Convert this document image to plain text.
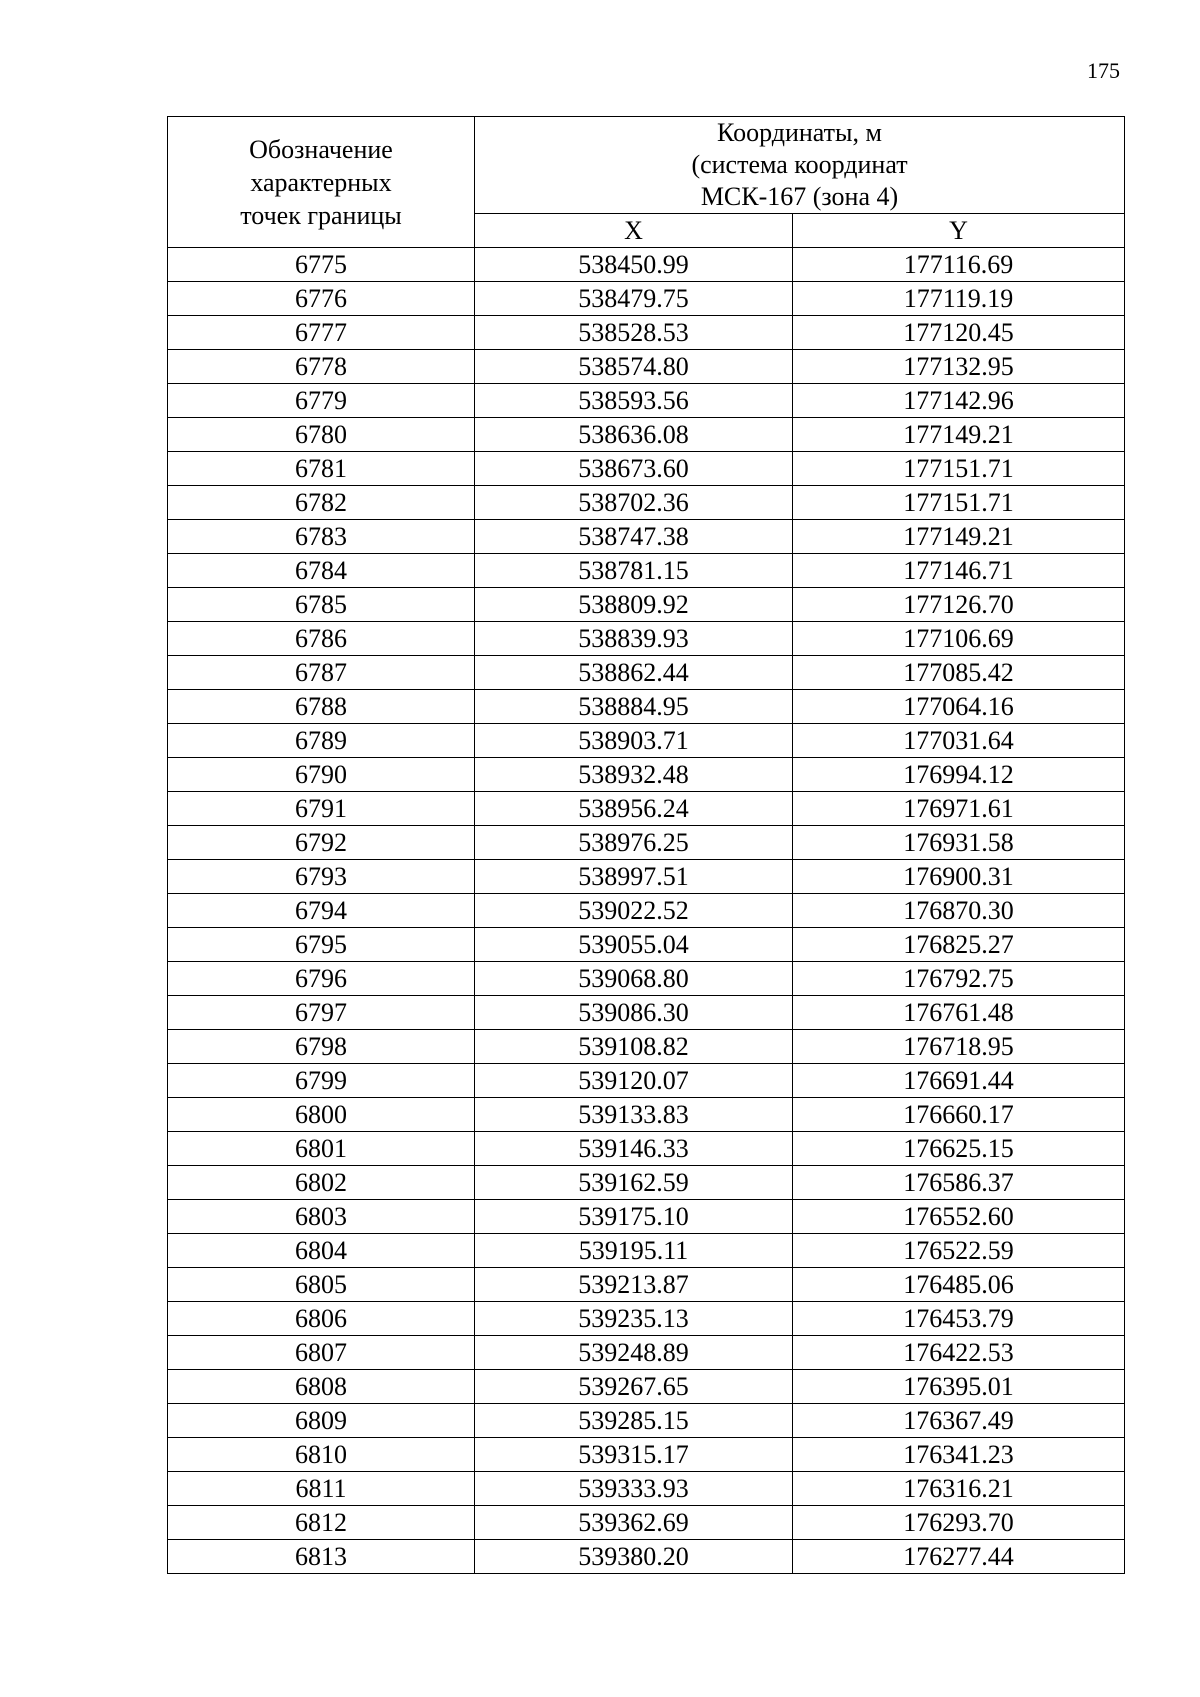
175
Обозначение
характерных
точек границы	Координаты, м
(система координат
МСК-167 (зона 4)	

	X	Y
6775	538450.99	177116.69
6776	538479.75	177119.19
6777	538528.53	177120.45
6778	538574.80	177132.95
6779	538593.56	177142.96
6780	538636.08	177149.21
6781	538673.60	177151.71
6782	538702.36	177151.71
6783	538747.38	177149.21
6784	538781.15	177146.71
6785	538809.92	177126.70
6786	538839.93	177106.69
6787	538862.44	177085.42
6788	538884.95	177064.16
6789	538903.71	177031.64
6790	538932.48	176994.12
6791	538956.24	176971.61
6792	538976.25	176931.58
6793	538997.51	176900.31
6794	539022.52	176870.30
6795	539055.04	176825.27
6796	539068.80	176792.75
6797	539086.30	176761.48
6798	539108.82	176718.95
6799	539120.07	176691.44
6800	539133.83	176660.17
6801	539146.33	176625.15
6802	539162.59	176586.37
6803	539175.10	176552.60
6804	539195.11	176522.59
6805	539213.87	176485.06
6806	539235.13	176453.79
6807	539248.89	176422.53
6808	539267.65	176395.01
6809	539285.15	176367.49
6810	539315.17	176341.23
6811	539333.93	176316.21
6812	539362.69	176293.70
6813	539380.20	176277.44
